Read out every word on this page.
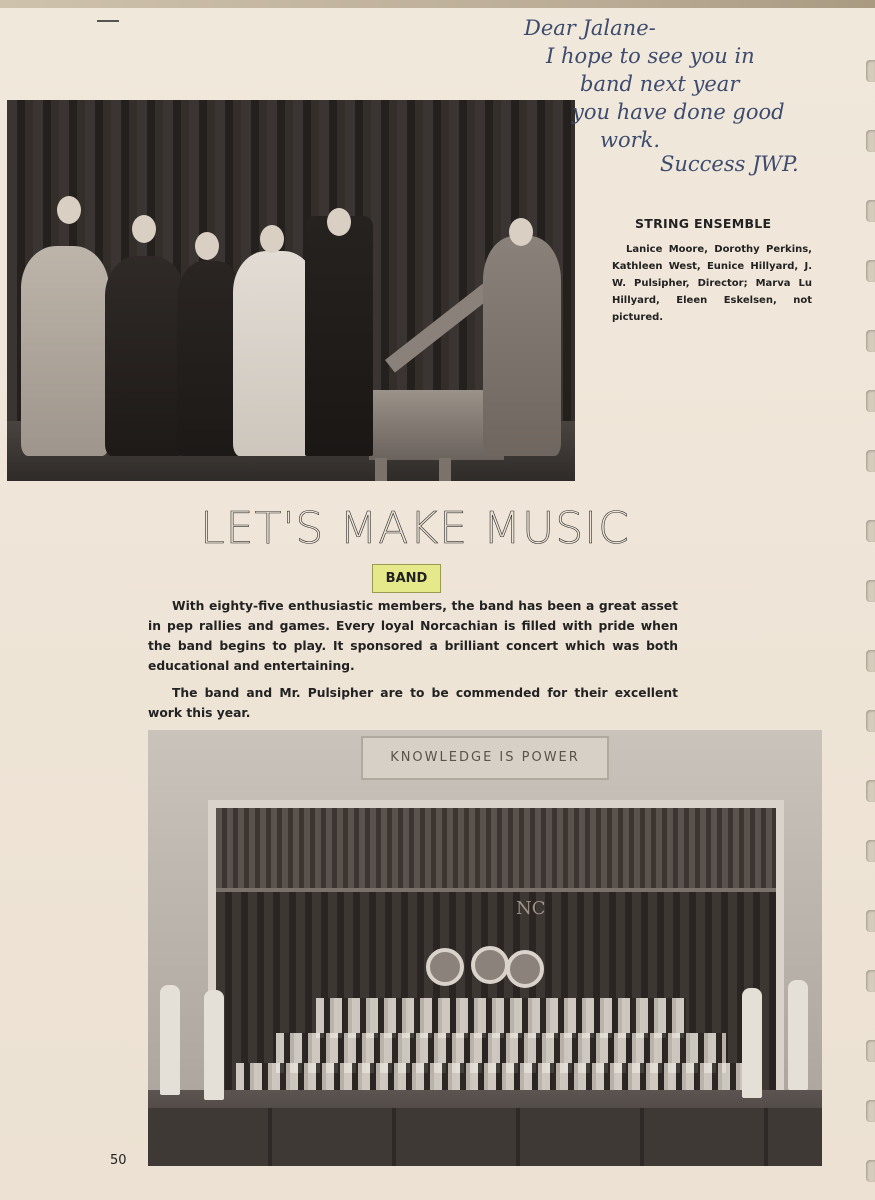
Dear Jalane-
I hope to see you in
band next year
you have done good
work.
Success JWP.
STRING ENSEMBLE
Lanice Moore, Dorothy Perkins, Kathleen West, Eunice Hillyard, J. W. Pulsipher, Director; Marva Lu Hillyard, Eleen Eskelsen, not pictured.
LET'S MAKE MUSIC
BAND

With eighty-five enthusiastic members, the band has been a great asset in pep rallies and games. Every loyal Norcachian is filled with pride when the band begins to play. It sponsored a brilliant concert which was both educational and entertaining.

The band and Mr. Pulsipher are to be commended for their excellent work this year.

KNOWLEDGE IS POWER
NC
50
